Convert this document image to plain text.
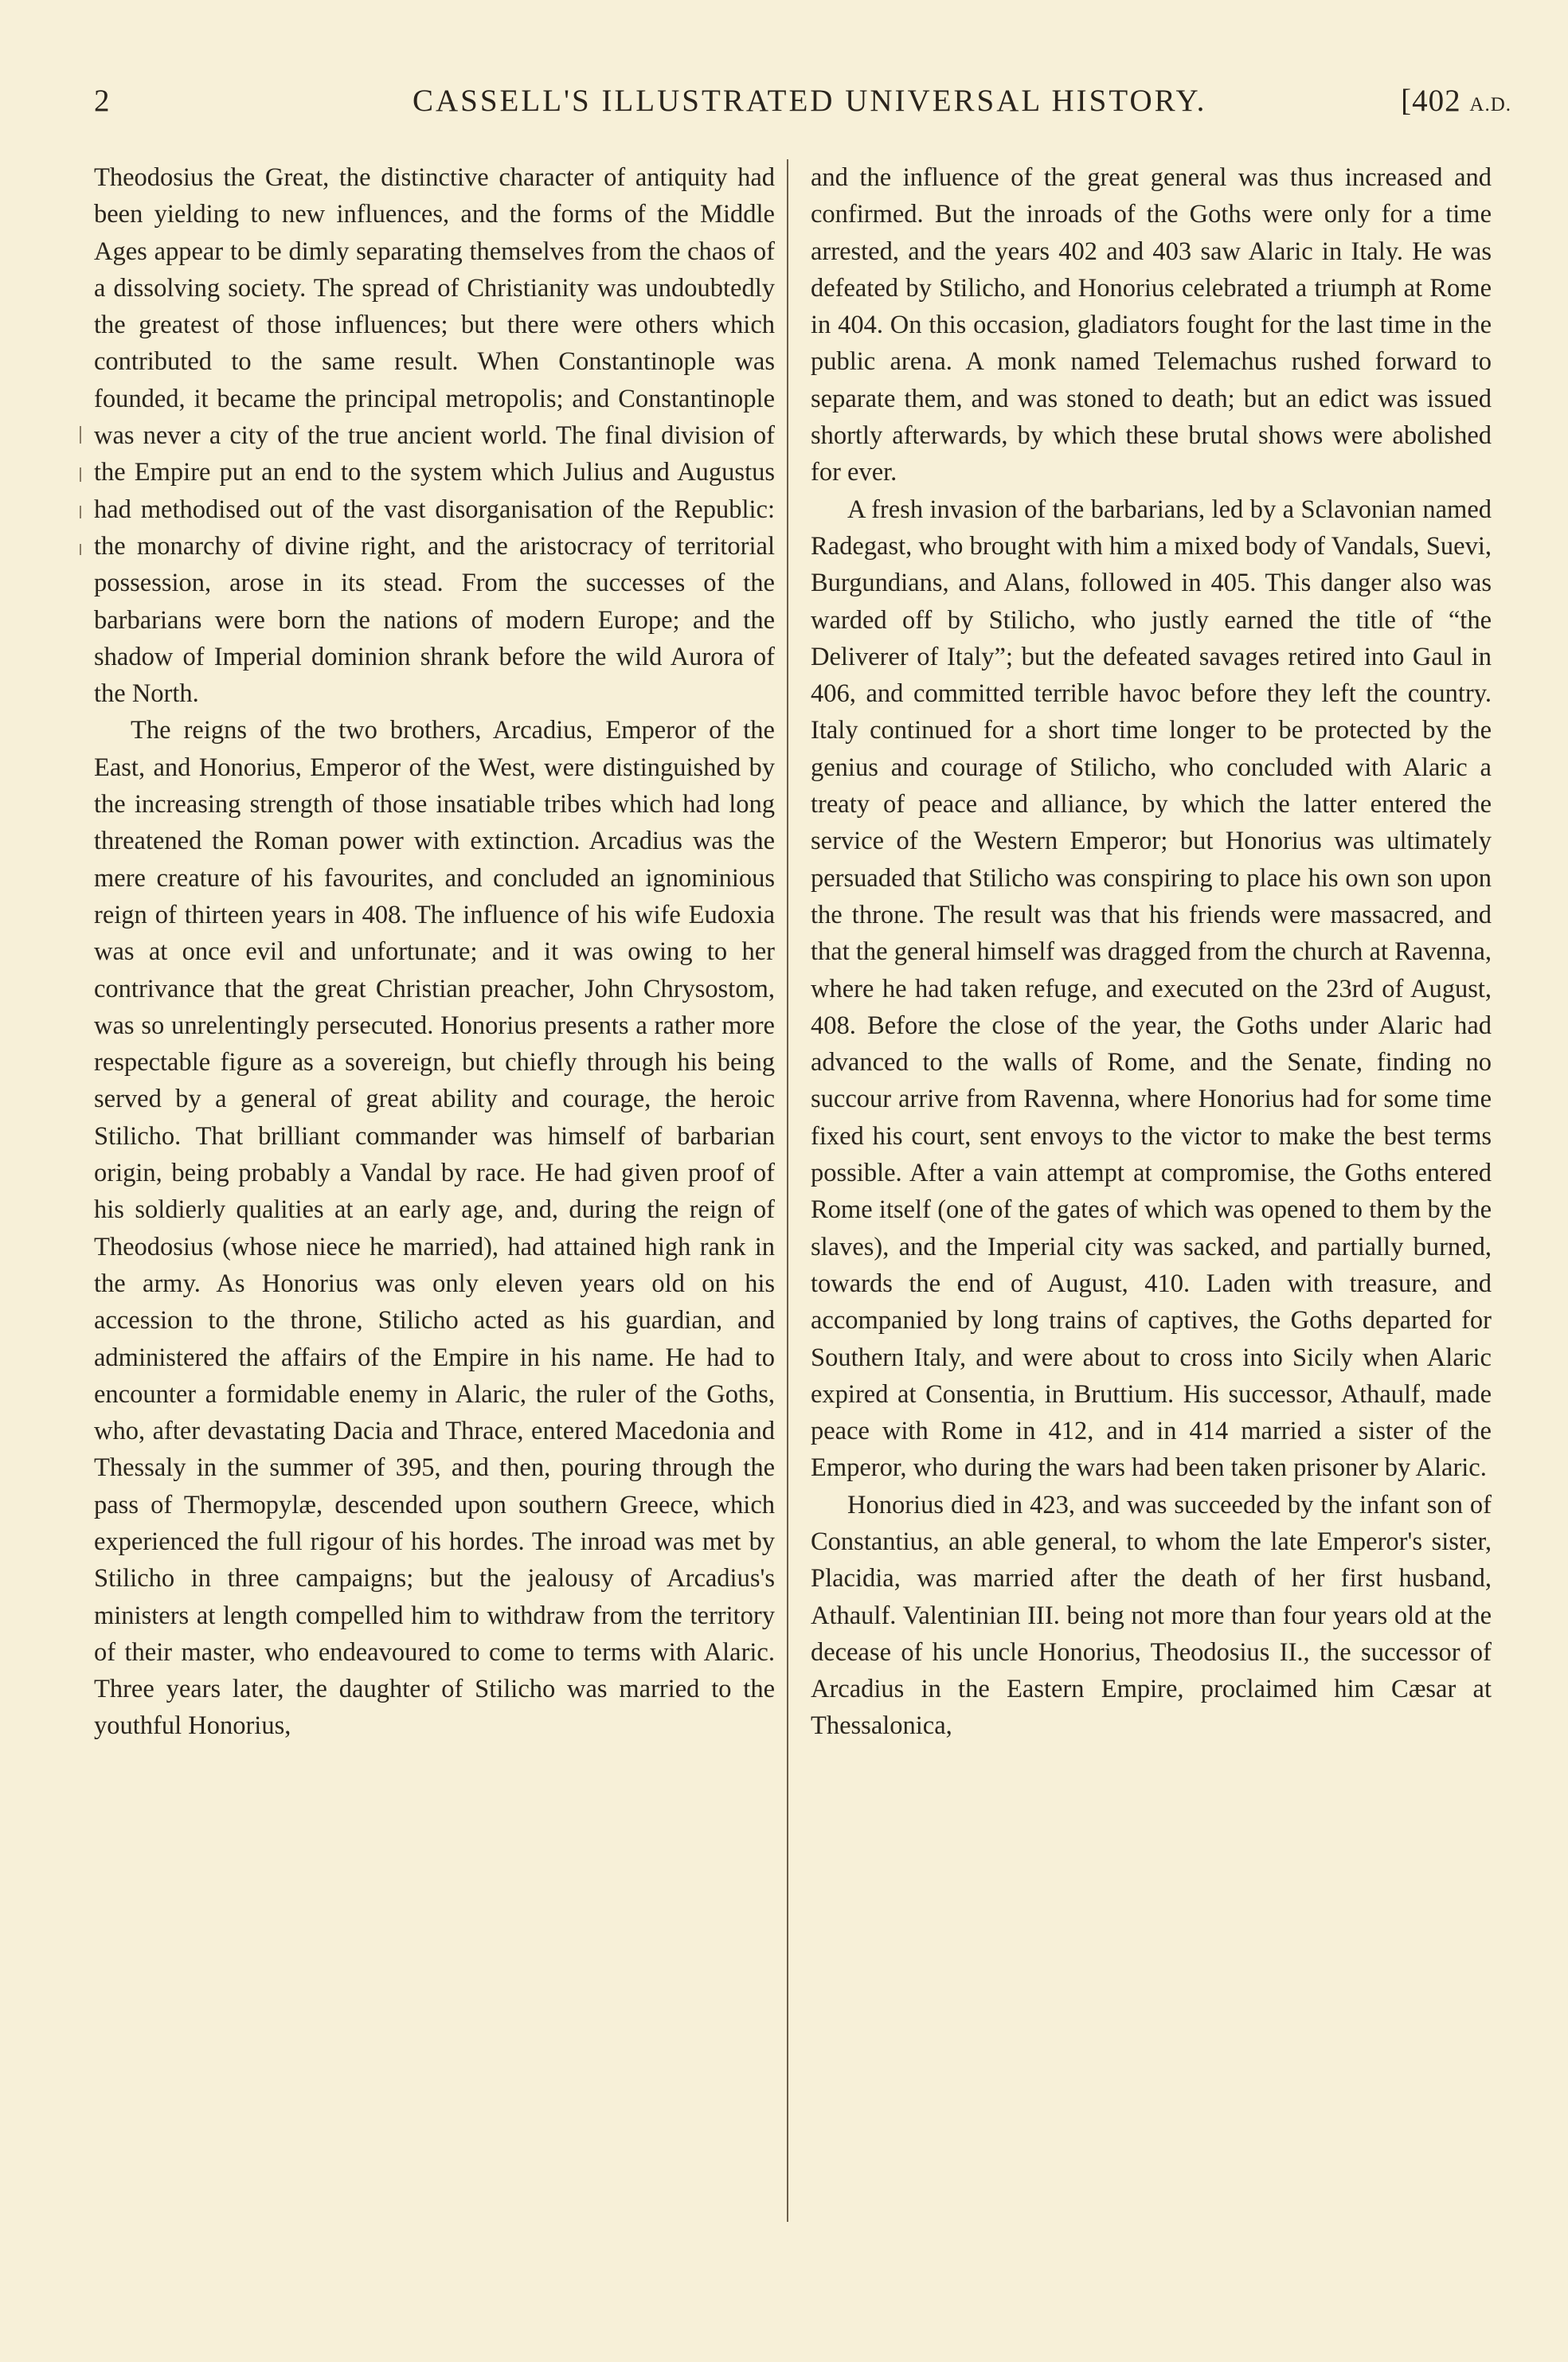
2	CASSELL'S ILLUSTRATED UNIVERSAL HISTORY.	[402 A.D.

Theodosius the Great, the distinctive character of antiquity had been yielding to new influences, and the forms of the Middle Ages appear to be dimly separating themselves from the chaos of a dissolving society. The spread of Christianity was undoubtedly the greatest of those influences; but there were others which contributed to the same result. When Constantinople was founded, it became the principal metropolis; and Constantinople was never a city of the true ancient world. The final division of the Empire put an end to the system which Julius and Augustus had methodised out of the vast disorganisation of the Republic: the monarchy of divine right, and the aristocracy of territorial possession, arose in its stead. From the successes of the barbarians were born the nations of modern Europe; and the shadow of Imperial dominion shrank before the wild Aurora of the North.

The reigns of the two brothers, Arcadius, Emperor of the East, and Honorius, Emperor of the West, were distinguished by the increasing strength of those insatiable tribes which had long threatened the Roman power with extinction. Arcadius was the mere creature of his favourites, and concluded an ignominious reign of thirteen years in 408. The influence of his wife Eudoxia was at once evil and unfortunate; and it was owing to her contrivance that the great Christian preacher, John Chrysostom, was so unrelentingly persecuted. Honorius presents a rather more respectable figure as a sovereign, but chiefly through his being served by a general of great ability and courage, the heroic Stilicho. That brilliant commander was himself of barbarian origin, being probably a Vandal by race. He had given proof of his soldierly qualities at an early age, and, during the reign of Theodosius (whose niece he married), had attained high rank in the army. As Honorius was only eleven years old on his accession to the throne, Stilicho acted as his guardian, and administered the affairs of the Empire in his name. He had to encounter a formidable enemy in Alaric, the ruler of the Goths, who, after devastating Dacia and Thrace, entered Macedonia and Thessaly in the summer of 395, and then, pouring through the pass of Thermopylæ, descended upon southern Greece, which experienced the full rigour of his hordes. The inroad was met by Stilicho in three campaigns; but the jealousy of Arcadius's ministers at length compelled him to withdraw from the territory of their master, who endeavoured to come to terms with Alaric. Three years later, the daughter of Stilicho was married to the youthful Honorius,

and the influence of the great general was thus increased and confirmed. But the inroads of the Goths were only for a time arrested, and the years 402 and 403 saw Alaric in Italy. He was defeated by Stilicho, and Honorius celebrated a triumph at Rome in 404. On this occasion, gladiators fought for the last time in the public arena. A monk named Telemachus rushed forward to separate them, and was stoned to death; but an edict was issued shortly afterwards, by which these brutal shows were abolished for ever.

A fresh invasion of the barbarians, led by a Sclavonian named Radegast, who brought with him a mixed body of Vandals, Suevi, Burgundians, and Alans, followed in 405. This danger also was warded off by Stilicho, who justly earned the title of “the Deliverer of Italy”; but the defeated savages retired into Gaul in 406, and committed terrible havoc before they left the country. Italy continued for a short time longer to be protected by the genius and courage of Stilicho, who concluded with Alaric a treaty of peace and alliance, by which the latter entered the service of the Western Emperor; but Honorius was ultimately persuaded that Stilicho was conspiring to place his own son upon the throne. The result was that his friends were massacred, and that the general himself was dragged from the church at Ravenna, where he had taken refuge, and executed on the 23rd of August, 408. Before the close of the year, the Goths under Alaric had advanced to the walls of Rome, and the Senate, finding no succour arrive from Ravenna, where Honorius had for some time fixed his court, sent envoys to the victor to make the best terms possible. After a vain attempt at compromise, the Goths entered Rome itself (one of the gates of which was opened to them by the slaves), and the Imperial city was sacked, and partially burned, towards the end of August, 410. Laden with treasure, and accompanied by long trains of captives, the Goths departed for Southern Italy, and were about to cross into Sicily when Alaric expired at Consentia, in Bruttium. His successor, Athaulf, made peace with Rome in 412, and in 414 married a sister of the Emperor, who during the wars had been taken prisoner by Alaric.

Honorius died in 423, and was succeeded by the infant son of Constantius, an able general, to whom the late Emperor's sister, Placidia, was married after the death of her first husband, Athaulf. Valentinian III. being not more than four years old at the decease of his uncle Honorius, Theodosius II., the successor of Arcadius in the Eastern Empire, proclaimed him Cæsar at Thessalonica,
